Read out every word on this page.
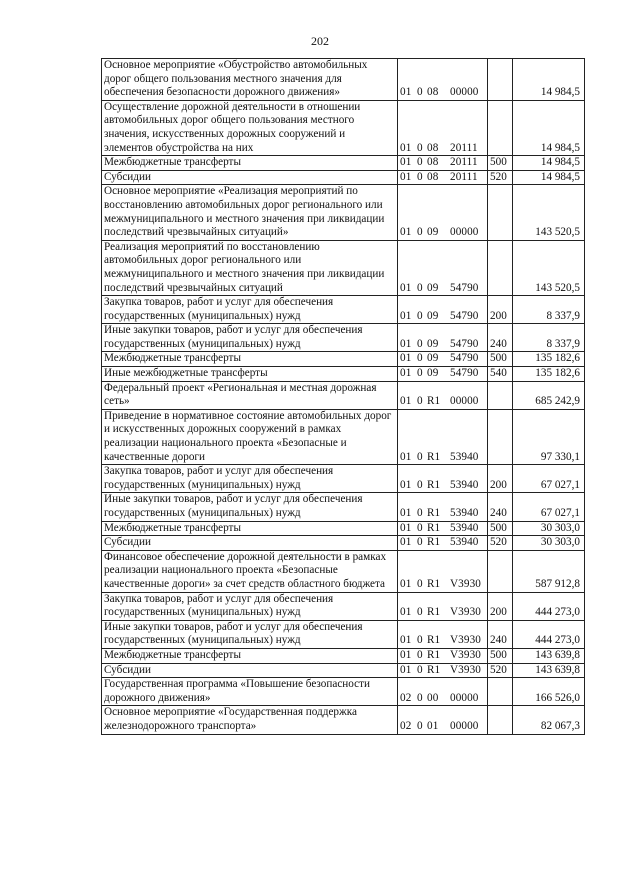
202
Основное мероприятие «Обустройство автомобильных дорог общего пользования местного значения для обеспечения безопасности дорожного движения»	01 0 08 00000		14 984,5
Осуществление дорожной деятельности в отношении автомобильных дорог общего пользования местного значения, искусственных дорожных сооружений и элементов обустройства на них	01 0 08 20111		14 984,5
Межбюджетные трансферты	01 0 08 20111	500	14 984,5
Субсидии	01 0 08 20111	520	14 984,5
Основное мероприятие «Реализация мероприятий по восстановлению автомобильных дорог регионального или межмуниципального и местного значения при ликвидации последствий чрезвычайных ситуаций»	01 0 09 00000		143 520,5
Реализация мероприятий по восстановлению автомобильных дорог регионального или межмуниципального и местного значения при ликвидации последствий чрезвычайных ситуаций	01 0 09 54790		143 520,5
Закупка товаров, работ и услуг для обеспечения государственных (муниципальных) нужд	01 0 09 54790	200	8 337,9
Иные закупки товаров, работ и услуг для обеспечения государственных (муниципальных) нужд	01 0 09 54790	240	8 337,9
Межбюджетные трансферты	01 0 09 54790	500	135 182,6
Иные межбюджетные трансферты	01 0 09 54790	540	135 182,6
Федеральный проект «Региональная и местная дорожная сеть»	01 0 R1 00000		685 242,9
Приведение в нормативное состояние автомобильных дорог и искусственных дорожных сооружений в рамках реализации национального проекта «Безопасные и качественные дороги	01 0 R1 53940		97 330,1
Закупка товаров, работ и услуг для обеспечения государственных (муниципальных) нужд	01 0 R1 53940	200	67 027,1
Иные закупки товаров, работ и услуг для обеспечения государственных (муниципальных) нужд	01 0 R1 53940	240	67 027,1
Межбюджетные трансферты	01 0 R1 53940	500	30 303,0
Субсидии	01 0 R1 53940	520	30 303,0
Финансовое обеспечение дорожной деятельности в рамках реализации национального проекта «Безопасные качественные дороги» за счет средств областного бюджета	01 0 R1 V3930		587 912,8
Закупка товаров, работ и услуг для обеспечения государственных (муниципальных) нужд	01 0 R1 V3930	200	444 273,0
Иные закупки товаров, работ и услуг для обеспечения государственных (муниципальных) нужд	01 0 R1 V3930	240	444 273,0
Межбюджетные трансферты	01 0 R1 V3930	500	143 639,8
Субсидии	01 0 R1 V3930	520	143 639,8
Государственная программа «Повышение безопасности дорожного движения»	02 0 00 00000		166 526,0
Основное мероприятие «Государственная поддержка железнодорожного транспорта»	02 0 01 00000		82 067,3
